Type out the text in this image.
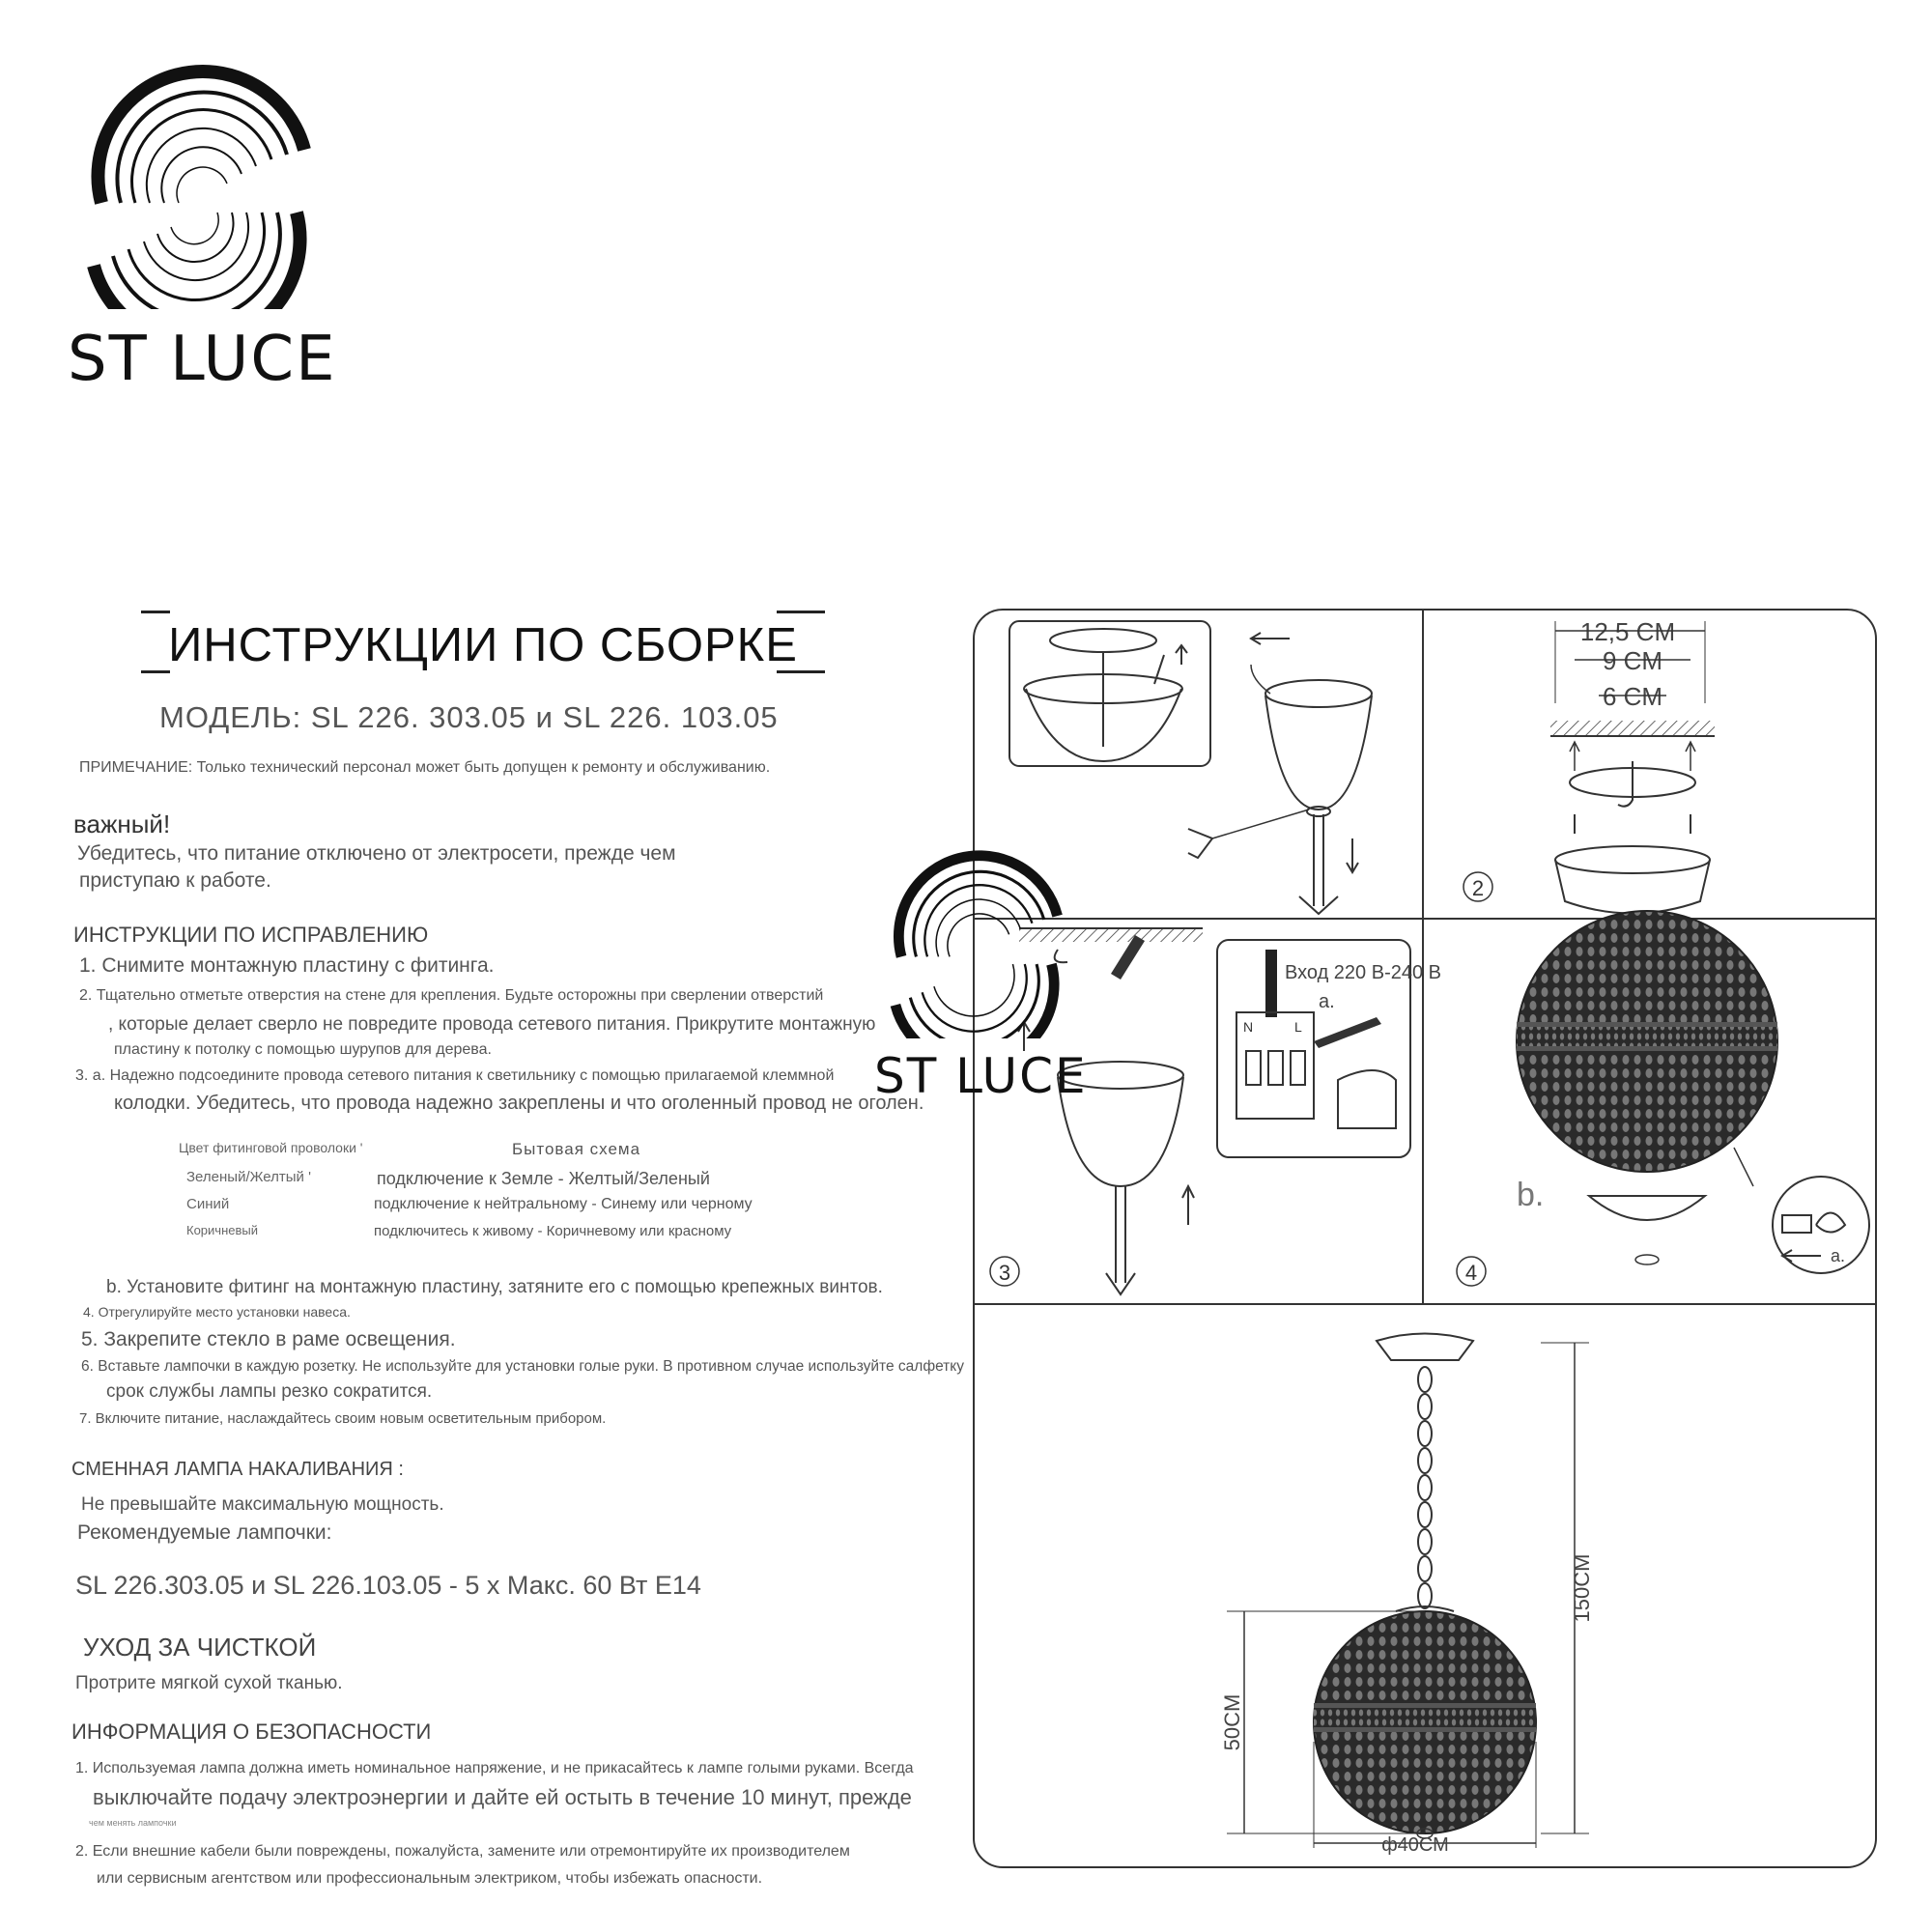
ST LUCE
ИНСТРУКЦИИ ПО СБОРКЕ
МОДЕЛЬ: SL 226. 303.05 и SL 226. 103.05
ПРИМЕЧАНИЕ: Только технический персонал может быть допущен к ремонту и обслуживанию.
важный!
Убедитесь, что питание отключено от электросети, прежде чем
приступаю к работе.
ИНСТРУКЦИИ ПО ИСПРАВЛЕНИЮ
1. Снимите монтажную пластину с фитинга.
2. Тщательно отметьте отверстия на стене для крепления. Будьте осторожны при сверлении отверстий
, которые делает сверло не повредите провода сетевого питания. Прикрутите монтажную
пластину к потолку с помощью шурупов для дерева.
3. а. Надежно подсоедините провода сетевого питания к светильнику с помощью прилагаемой клеммной
колодки. Убедитесь, что провода надежно закреплены и что оголенный провод не оголен.
Цвет фитинговой проволоки '	Бытовая схема
Зеленый/Желтый '	подключение к Земле - Желтый/Зеленый
Синий	подключение к нейтральному - Синему или черному
Коричневый	подключитесь к живому - Коричневому или красному
b. Установите фитинг на монтажную пластину, затяните его с помощью крепежных винтов.
4. Отрегулируйте место установки навеса.
5. Закрепите стекло в раме освещения.
6. Вставьте лампочки в каждую розетку. Не используйте для установки голые руки. В противном случае используйте салфетку
срок службы лампы резко сократится.
7. Включите питание, наслаждайтесь своим новым осветительным прибором.
СМЕННАЯ ЛАМПА НАКАЛИВАНИЯ :
Не превышайте максимальную мощность.
Рекомендуемые лампочки:
SL 226.303.05 и SL 226.103.05 - 5 x Макс. 60 Вт E14
УХОД ЗА ЧИСТКОЙ
Протрите мягкой сухой тканью.
ИНФОРМАЦИЯ О БЕЗОПАСНОСТИ
1. Используемая лампа должна иметь номинальное напряжение, и не прикасайтесь к лампе голыми руками. Всегда
выключайте подачу электроэнергии и дайте ей остыть в течение 10 минут, прежде
чем менять лампочки
2. Если внешние кабели были повреждены, пожалуйста, замените или отремонтируйте их производителем
или сервисным агентством или профессиональным электриком, чтобы избежать опасности.
12,5 CM
9 CM
6 CM
2
Вход 220 В-240 В
N	L
a.
3
b.
a.
4
150CM
50CM
ф40СМ
ST LUCE
